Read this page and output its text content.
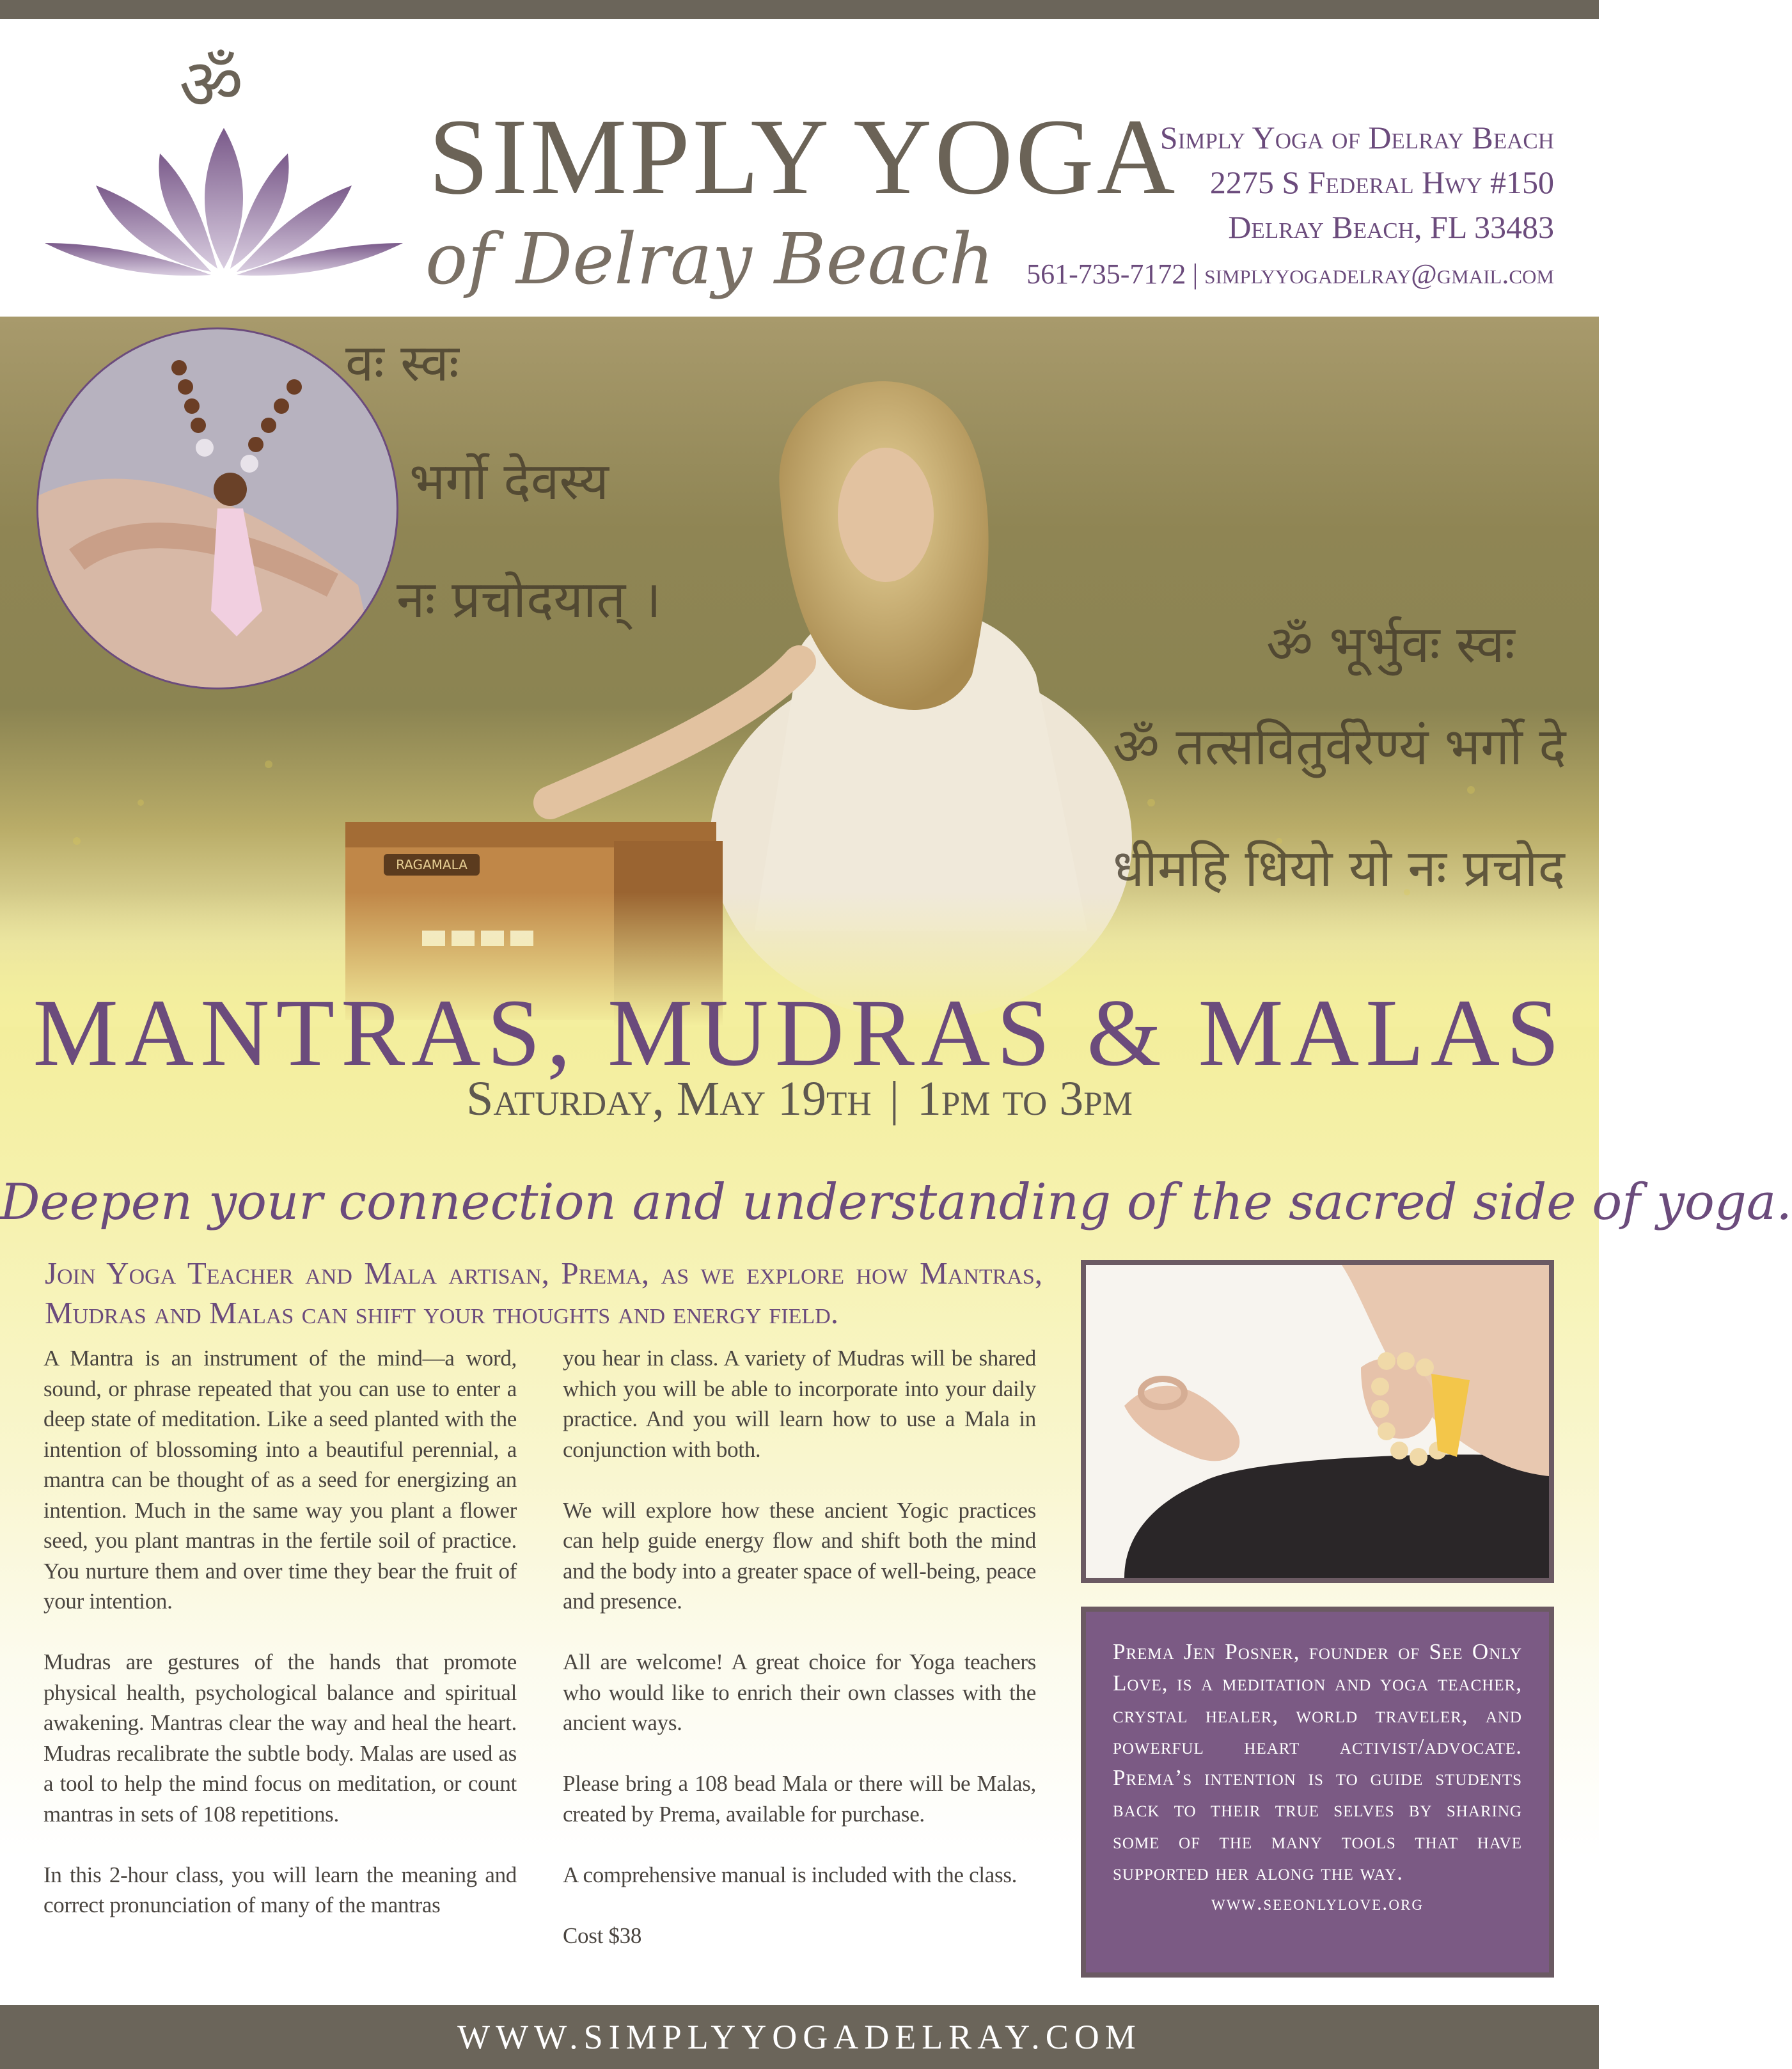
ॐ
SIMPLY YOGA
of Delray Beach
Simply Yoga of Delray Beach
2275 S Federal Hwy #150
Delray Beach, FL 33483
561-735-7172 | simplyyogadelray@gmail.com
RAGAMALA
वः स्वः
भर्गो देवस्य
नः प्रचोदयात् ।
ॐ भूर्भुवः स्वः
ॐ तत्सवितुर्वरेण्यं भर्गो दे
धीमहि धियो यो नः प्रचोद
MANTRAS, MUDRAS & MALAS
Saturday, May 19th | 1pm to 3pm
Deepen your connection and understanding of the sacred side of yoga.
Join Yoga Teacher and Mala artisan, Prema, as we explore how Mantras, Mudras and Malas can shift your thoughts and energy field.

A Mantra is an instrument of the mind—a word, sound, or phrase repeated that you can use to enter a deep state of meditation. Like a seed planted with the intention of blossoming into a beautiful perennial, a mantra can be thought of as a seed for energizing an intention. Much in the same way you plant a flower seed, you plant mantras in the fertile soil of practice. You nurture them and over time they bear the fruit of your intention.

Mudras are gestures of the hands that promote physical health, psychological balance and spiritual awakening. Mantras clear the way and heal the heart. Mudras recalibrate the subtle body. Malas are used as a tool to help the mind focus on meditation, or count mantras in sets of 108 repetitions.

In this 2-hour class, you will learn the meaning and correct pronunciation of many of the mantras

you hear in class. A variety of Mudras will be shared which you will be able to incorporate into your daily practice. And you will learn how to use a Mala in conjunction with both.

We will explore how these ancient Yogic practices can help guide energy flow and shift both the mind and the body into a greater space of well-being, peace and presence.

All are welcome! A great choice for Yoga teachers who would like to enrich their own classes with the ancient ways.

Please bring a 108 bead Mala or there will be Malas, created by Prema, available for purchase.

A comprehensive manual is included with the class.

Cost $38

Prema Jen Posner, founder of See Only Love, is a meditation and yoga teacher, crystal healer, world traveler, and powerful heart activist/advocate. Prema’s intention is to guide students back to their true selves by sharing some of the many tools that have supported her along the way.
www.seeonlylove.org
WWW.SIMPLYYOGADELRAY.COM
